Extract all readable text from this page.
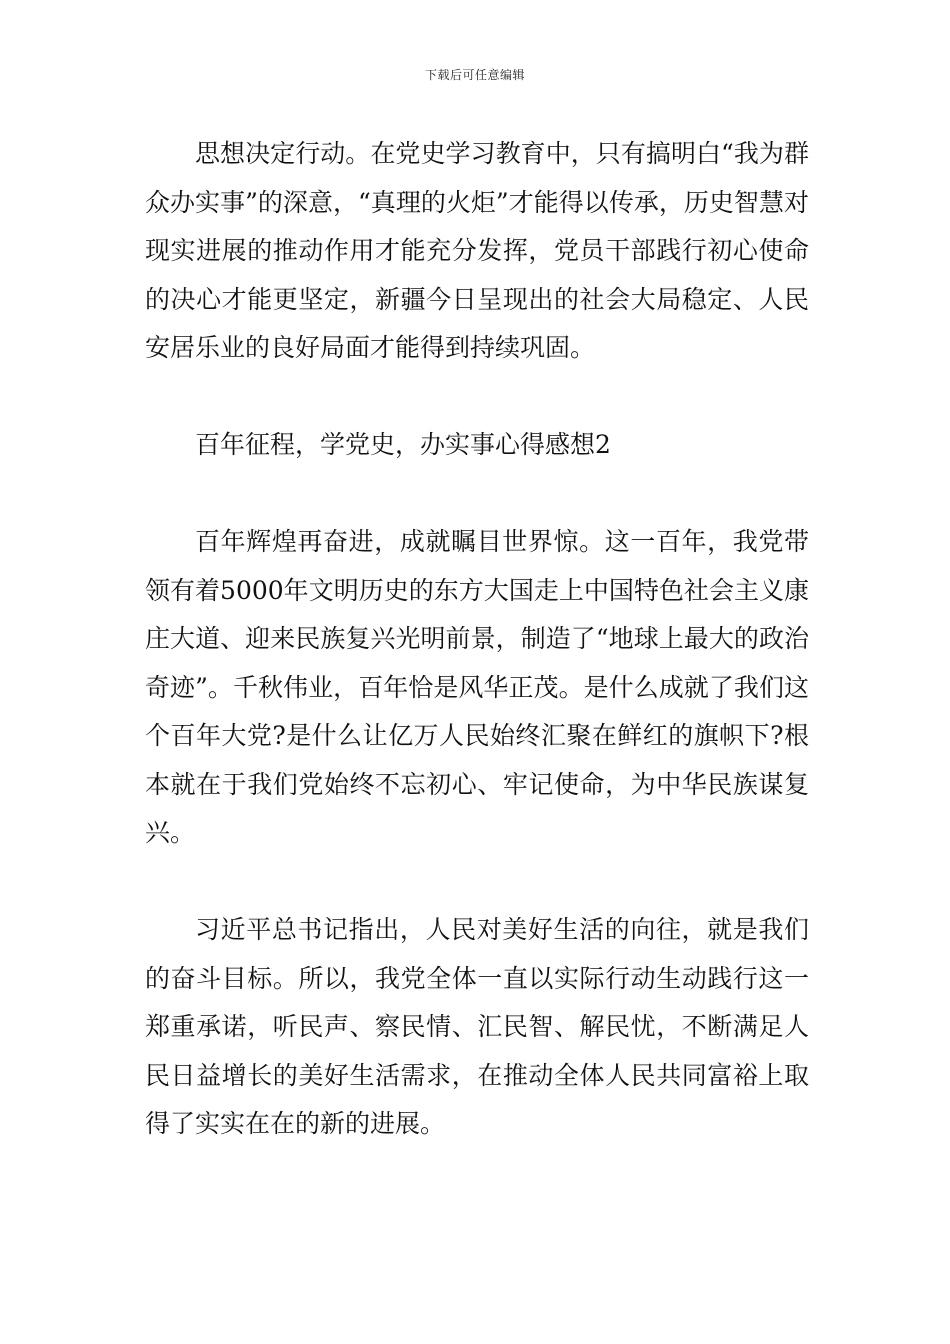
下载后可任意编辑

思想决定行动。在党史学习教育中，只有搞明白“我为群众办实事”的深意，“真理的火炬”才能得以传承，历史智慧对现实进展的推动作用才能充分发挥，党员干部践行初心使命的决心才能更坚定，新疆今日呈现出的社会大局稳定、人民安居乐业的良好局面才能得到持续巩固。

百年征程，学党史，办实事心得感想2

百年辉煌再奋进，成就瞩目世界惊。这一百年，我党带领有着5000年文明历史的东方大国走上中国特色社会主义康庄大道、迎来民族复兴光明前景，制造了“地球上最大的政治奇迹”。千秋伟业，百年恰是风华正茂。是什么成就了我们这个百年大党?是什么让亿万人民始终汇聚在鲜红的旗帜下?根本就在于我们党始终不忘初心、牢记使命，为中华民族谋复兴。

习近平总书记指出，人民对美好生活的向往，就是我们的奋斗目标。所以，我党全体一直以实际行动生动践行这一郑重承诺，听民声、察民情、汇民智、解民忧，不断满足人民日益增长的美好生活需求，在推动全体人民共同富裕上取得了实实在在的新的进展。
